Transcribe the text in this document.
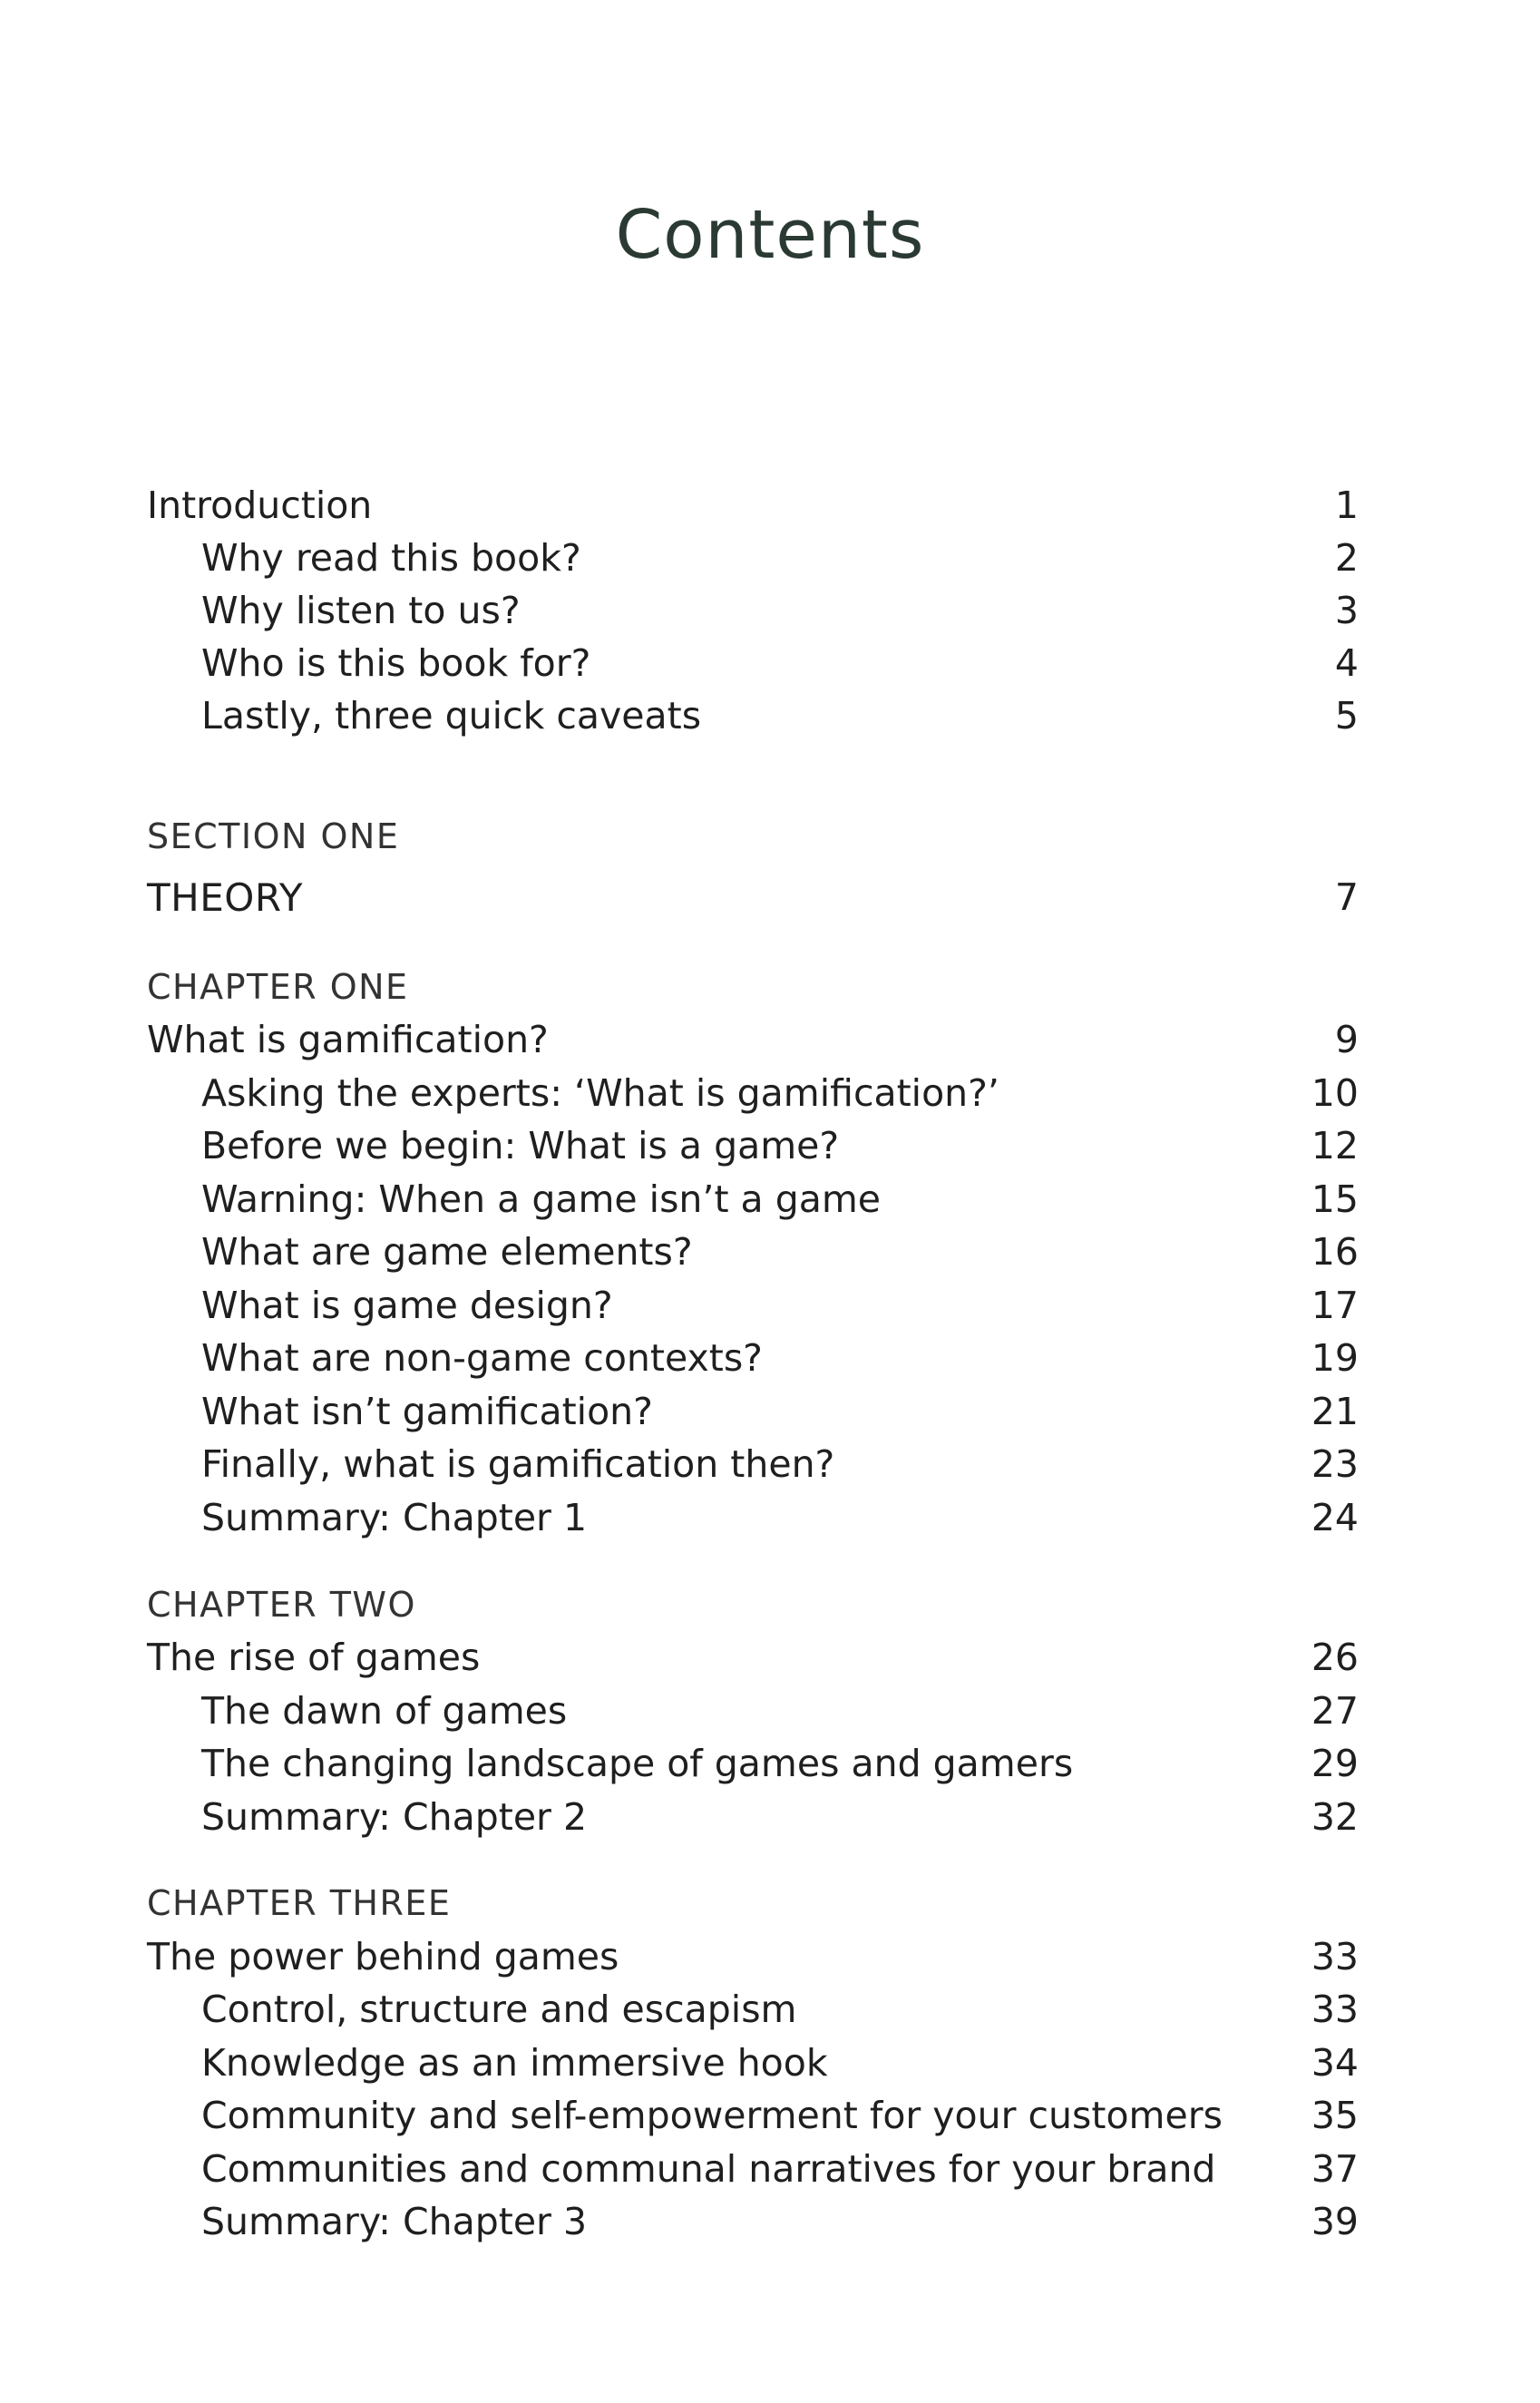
Contents
Introduction	1
Why read this book?	2
Why listen to us?	3
Who is this book for?	4
Lastly, three quick caveats	5
SECTION ONE
THEORY	7
CHAPTER ONE
What is gamification?	9
Asking the experts: ‘What is gamification?’	10
Before we begin: What is a game?	12
Warning: When a game isn’t a game	15
What are game elements?	16
What is game design?	17
What are non-game contexts?	19
What isn’t gamification?	21
Finally, what is gamification then?	23
Summary: Chapter 1	24
CHAPTER TWO
The rise of games	26
The dawn of games	27
The changing landscape of games and gamers	29
Summary: Chapter 2	32
CHAPTER THREE
The power behind games	33
Control, structure and escapism	33
Knowledge as an immersive hook	34
Community and self-empowerment for your customers 35
Communities and communal narratives for your brand	37
Summary: Chapter 3	39
